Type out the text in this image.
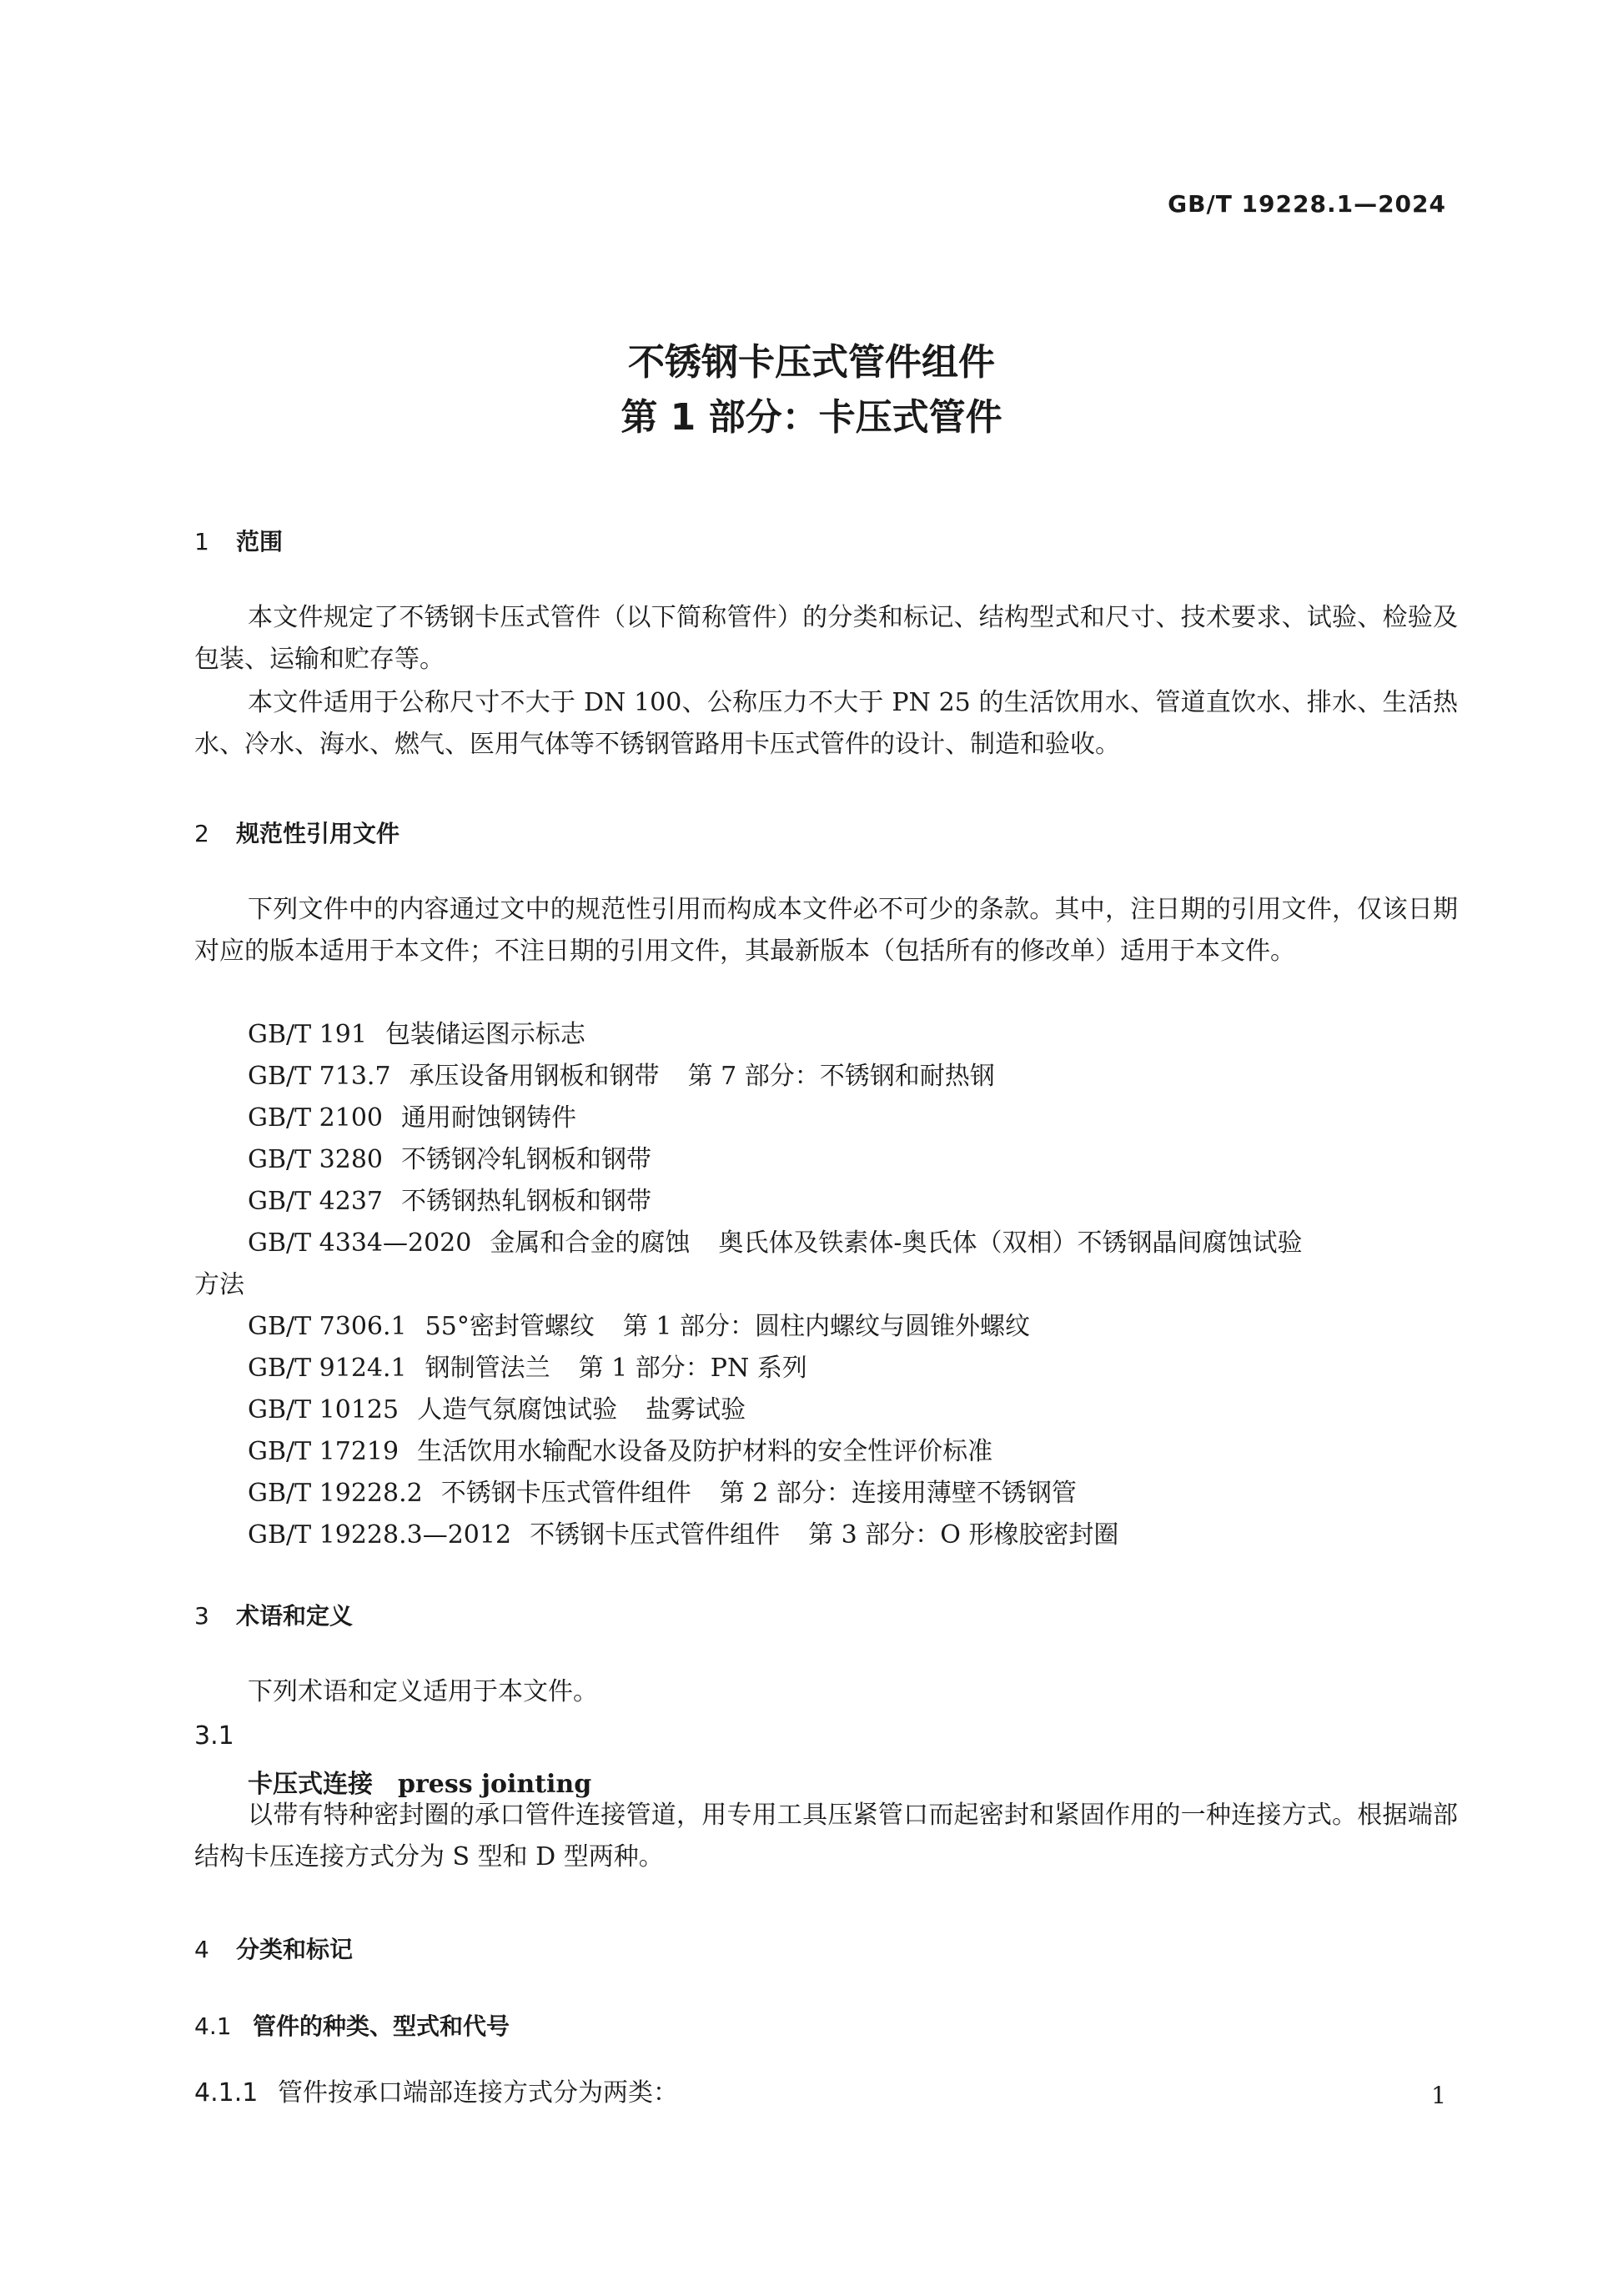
GB/T 19228.1—2024
不锈钢卡压式管件组件
第 1 部分：卡压式管件
1 范围
本文件规定了不锈钢卡压式管件（以下简称管件）的分类和标记、结构型式和尺寸、技术要求、试验、检验及包装、运输和贮存等。
本文件适用于公称尺寸不大于 DN 100、公称压力不大于 PN 25 的生活饮用水、管道直饮水、排水、生活热水、冷水、海水、燃气、医用气体等不锈钢管路用卡压式管件的设计、制造和验收。
2 规范性引用文件
下列文件中的内容通过文中的规范性引用而构成本文件必不可少的条款。其中，注日期的引用文件，仅该日期对应的版本适用于本文件；不注日期的引用文件，其最新版本（包括所有的修改单）适用于本文件。
GB/T 191 包装储运图示标志
GB/T 713.7 承压设备用钢板和钢带 第 7 部分：不锈钢和耐热钢
GB/T 2100 通用耐蚀钢铸件
GB/T 3280 不锈钢冷轧钢板和钢带
GB/T 4237 不锈钢热轧钢板和钢带
GB/T 4334—2020 金属和合金的腐蚀 奥氏体及铁素体-奥氏体（双相）不锈钢晶间腐蚀试验
方法
GB/T 7306.1 55°密封管螺纹 第 1 部分：圆柱内螺纹与圆锥外螺纹
GB/T 9124.1 钢制管法兰 第 1 部分：PN 系列
GB/T 10125 人造气氛腐蚀试验 盐雾试验
GB/T 17219 生活饮用水输配水设备及防护材料的安全性评价标准
GB/T 19228.2 不锈钢卡压式管件组件 第 2 部分：连接用薄壁不锈钢管
GB/T 19228.3—2012 不锈钢卡压式管件组件 第 3 部分：O 形橡胶密封圈
3 术语和定义
下列术语和定义适用于本文件。
3.1
卡压式连接 press jointing
以带有特种密封圈的承口管件连接管道，用专用工具压紧管口而起密封和紧固作用的一种连接方式。根据端部结构卡压连接方式分为 S 型和 D 型两种。
4 分类和标记
4.1 管件的种类、型式和代号
4.1.1 管件按承口端部连接方式分为两类：	1
